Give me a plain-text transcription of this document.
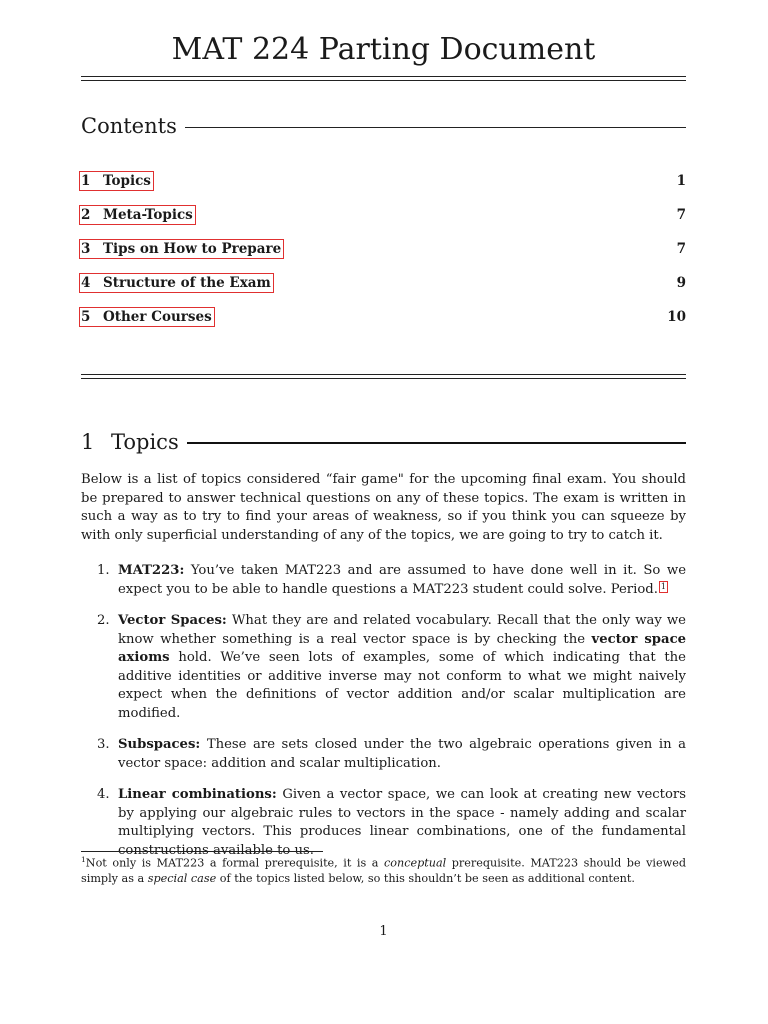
MAT 224 Parting Document
Contents
1 Topics	1
2 Meta-Topics	7
3 Tips on How to Prepare	7
4 Structure of the Exam	9
5 Other Courses	10
1 Topics

Below is a list of topics considered “fair game" for the upcoming final exam. You should be prepared to answer technical questions on any of these topics. The exam is written in such a way as to try to find your areas of weakness, so if you think you can squeeze by with only superficial understanding of any of the topics, we are going to try to catch it.

1. MAT223: You’ve taken MAT223 and are assumed to have done well in it. So we expect you to be able to handle questions a MAT223 student could solve. Period. 1
2. Vector Spaces: What they are and related vocabulary. Recall that the only way we know whether something is a real vector space is by checking the vector space axioms hold. We’ve seen lots of examples, some of which indicating that the additive identities or additive inverse may not conform to what we might naively expect when the definitions of vector addition and/or scalar multiplication are modified.
3. Subspaces: These are sets closed under the two algebraic operations given in a vector space: addition and scalar multiplication.
4. Linear combinations: Given a vector space, we can look at creating new vectors by applying our algebraic rules to vectors in the space - namely adding and scalar multiplying vectors. This produces linear combinations, one of the fundamental constructions available to us.

$^1$Not only is MAT223 a formal prerequisite, it is a conceptual prerequisite. MAT223 should be viewed simply as a special case of the topics listed below, so this shouldn’t be seen as additional content.

1
